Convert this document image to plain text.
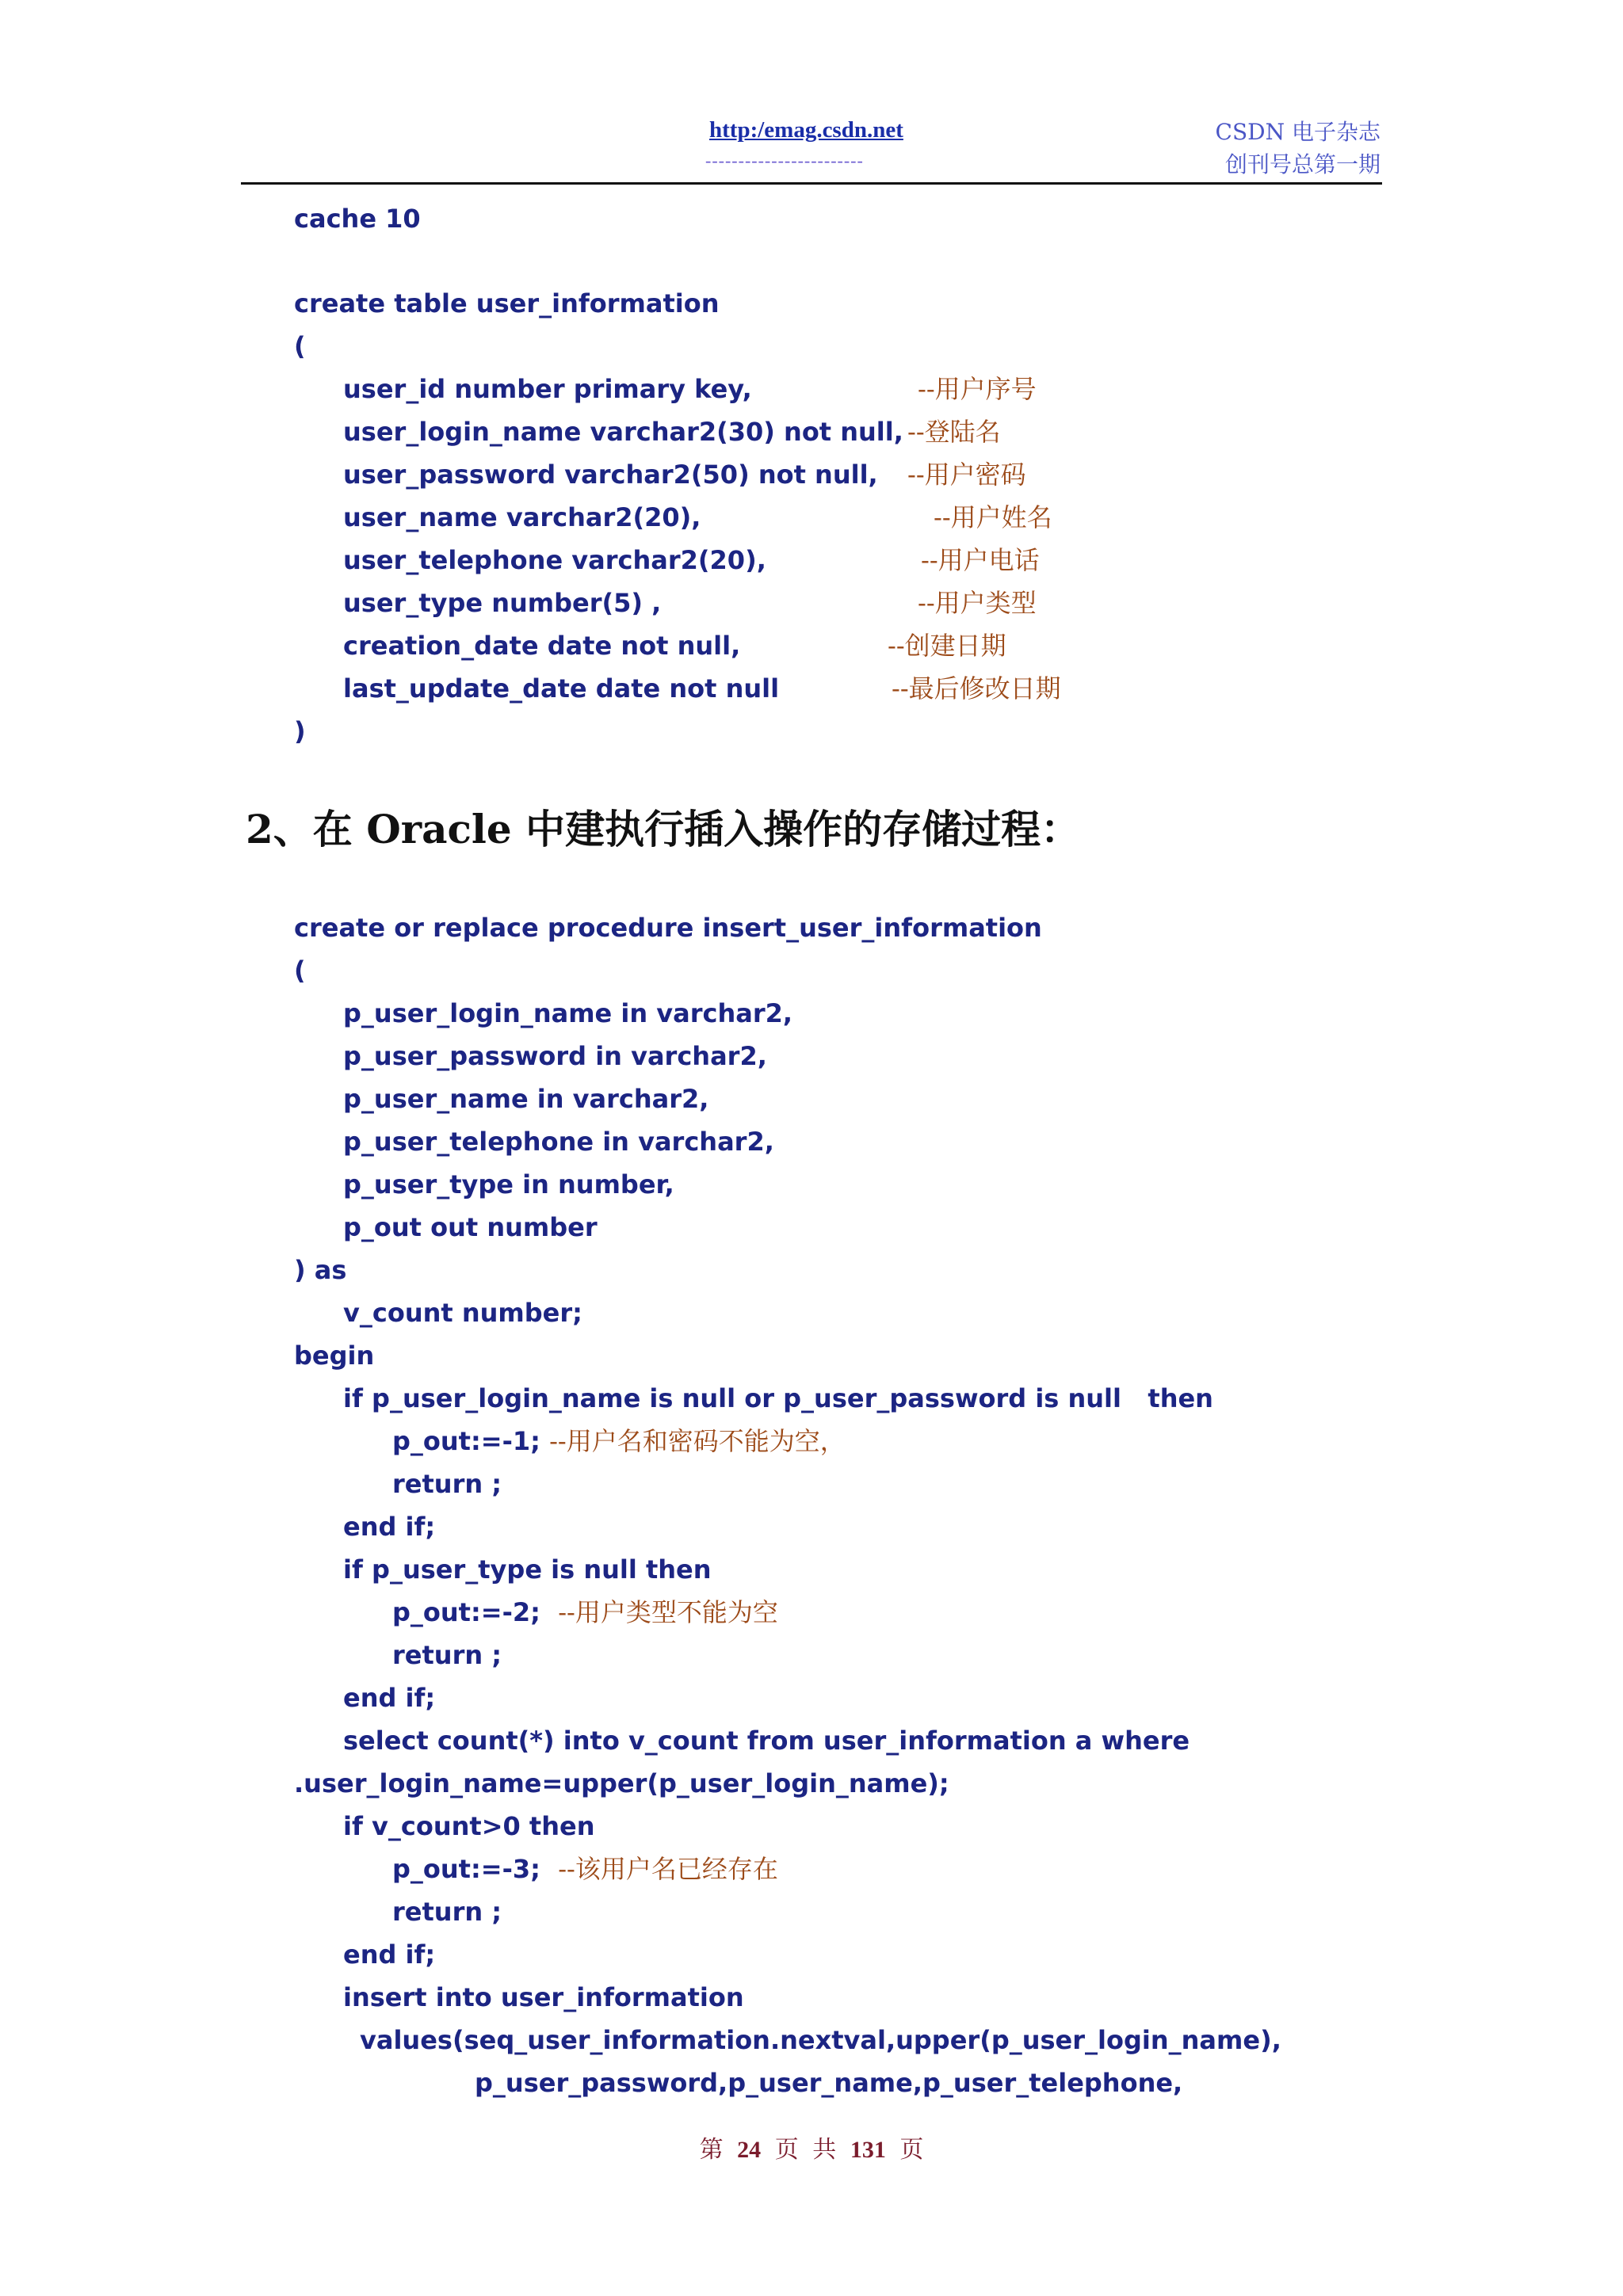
http:/emag.csdn.net
------------------------
CSDN 电子杂志
创刊号总第一期
cache 10
create table user_information
(
user_id number primary key,	--用户序号
user_login_name varchar2(30) not null, --登陆名
user_password varchar2(50) not null, --用户密码
user_name varchar2(20),	--用户姓名
user_telephone varchar2(20),	--用户电话
user_type number(5) ,	--用户类型
creation_date date not null,	--创建日期
last_update_date date not null	--最后修改日期
)
2、在 Oracle 中建执行插入操作的存储过程：
create or replace procedure insert_user_information
(
p_user_login_name in varchar2,
p_user_password in varchar2,
p_user_name in varchar2,
p_user_telephone in varchar2,
p_user_type in number,
p_out out number
) as
v_count number;
begin
if p_user_login_name is null or p_user_password is null   then
p_out:=-1; --用户名和密码不能为空，
return ;
end if;
if p_user_type is null then
p_out:=-2; --用户类型不能为空
return ;
end if;
select count(*) into v_count from user_information a where
.user_login_name=upper(p_user_login_name);
if v_count>0 then
p_out:=-3; --该用户名已经存在
return ;
end if;
insert into user_information
values(seq_user_information.nextval,upper(p_user_login_name),
p_user_password,p_user_name,p_user_telephone,
第 24 页 共 131 页
